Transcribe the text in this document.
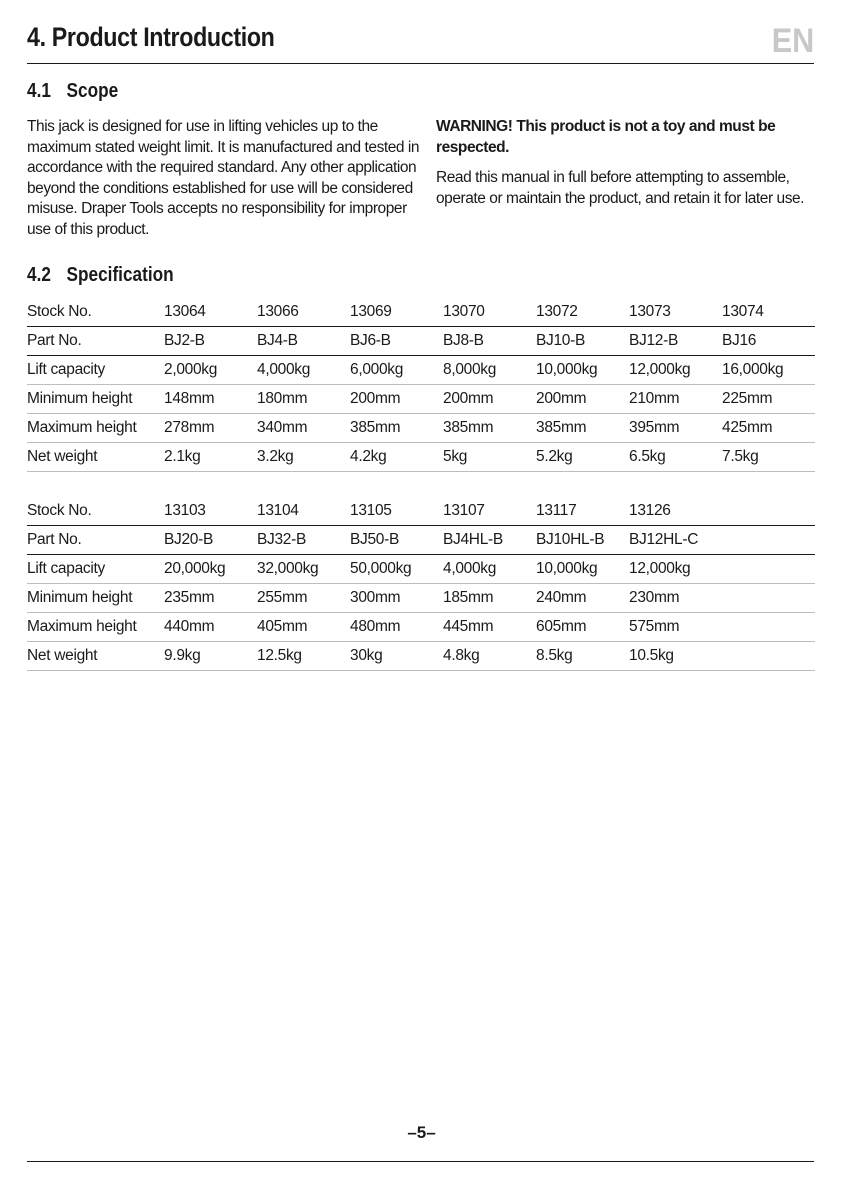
4. Product Introduction	EN
4.1 Scope

This jack is designed for use in lifting vehicles up to the maximum stated weight limit. It is manufactured and tested in accordance with the required standard. Any other application beyond the conditions established for use will be considered misuse. Draper Tools accepts no responsibility for improper use of this product.

WARNING! This product is not a toy and must be respected.

Read this manual in full before attempting to assemble, operate or maintain the product, and retain it for later use.

4.2 Specification
Stock No.	13064	13066	13069	13070	13072	13073	13074
Part No.	BJ2-B	BJ4-B	BJ6-B	BJ8-B	BJ10-B	BJ12-B	BJ16
Lift capacity	2,000kg	4,000kg	6,000kg	8,000kg	10,000kg	12,000kg	16,000kg
Minimum height	148mm	180mm	200mm	200mm	200mm	210mm	225mm
Maximum height	278mm	340mm	385mm	385mm	385mm	395mm	425mm
Net weight	2.1kg	3.2kg	4.2kg	5kg	5.2kg	6.5kg	7.5kg
Stock No.	13103	13104	13105	13107	13117	13126	
Part No.	BJ20-B	BJ32-B	BJ50-B	BJ4HL-B	BJ10HL-B	BJ12HL-C	
Lift capacity	20,000kg	32,000kg	50,000kg	4,000kg	10,000kg	12,000kg	
Minimum height	235mm	255mm	300mm	185mm	240mm	230mm	
Maximum height	440mm	405mm	480mm	445mm	605mm	575mm	
Net weight	9.9kg	12.5kg	30kg	4.8kg	8.5kg	10.5kg	
–5–
